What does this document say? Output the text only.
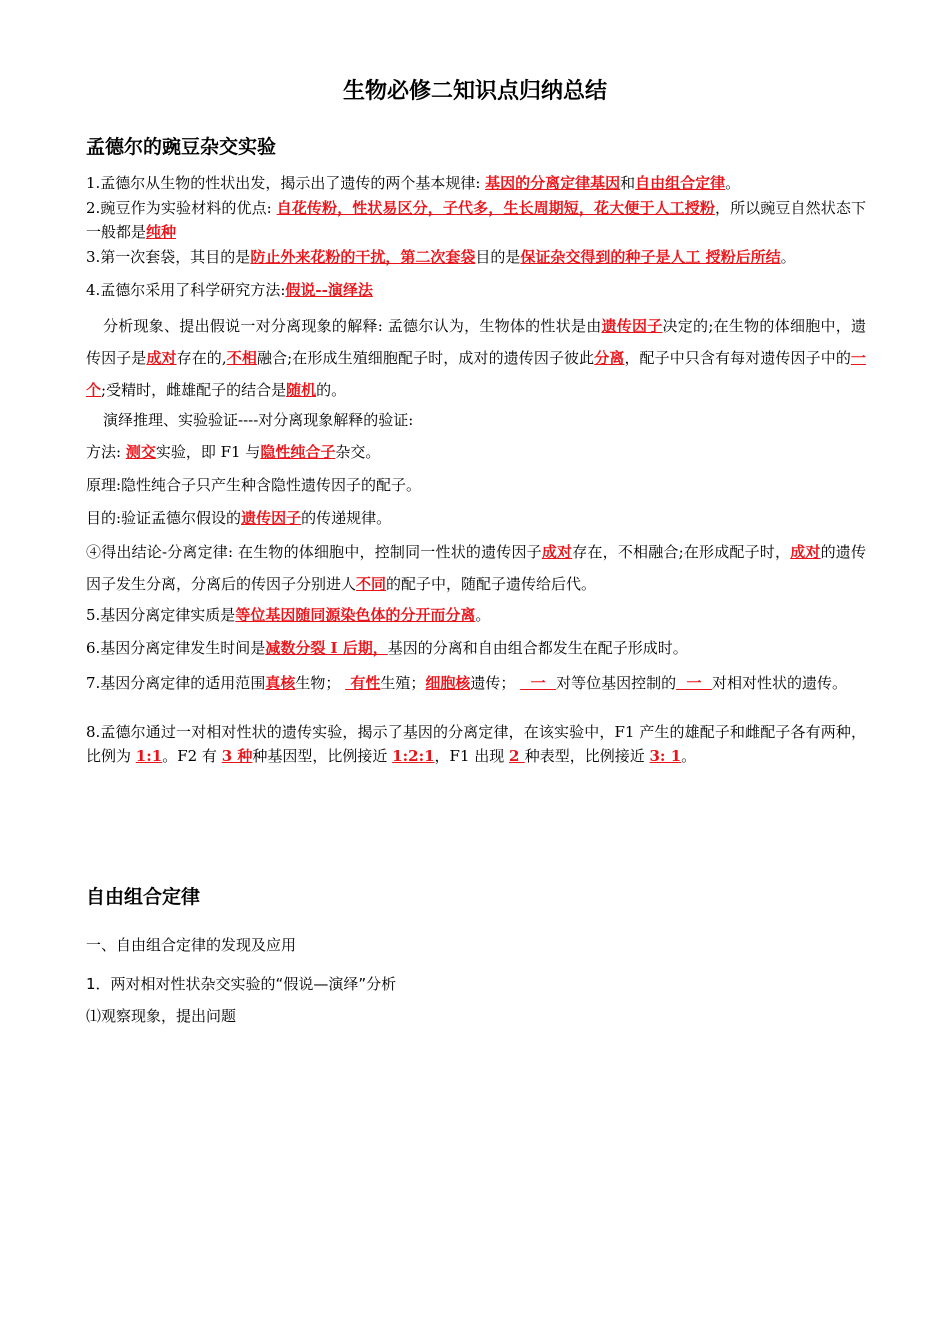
生物必修二知识点归纳总结
孟德尔的豌豆杂交实验

1.孟德尔从生物的性状出发，揭示出了遗传的两个基本规律: 基因的分离定律基因和自由组合定律。

2.豌豆作为实验材料的优点: 自花传粉，性状易区分，子代多，生长周期短，花大便于人工授粉，所以豌豆自然状态下一般都是纯种

3.第一次套袋，其目的是防止外来花粉的干扰，第二次套袋目的是保证杂交得到的种子是人工 授粉后所结。

4.孟德尔采用了科学研究方法:假说--演绎法

分析现象、提出假说一对分离现象的解释: 孟德尔认为，生物体的性状是由遗传因子决定的;在生物的体细胞中，遗传因子是成对存在的,不相融合;在形成生殖细胞配子时，成对的遗传因子彼此分离，配子中只含有每对遗传因子中的一个;受精时，雌雄配子的结合是随机的。

演绎推理、实验验证----对分离现象解释的验证:

方法: 测交实验，即 F1 与隐性纯合子杂交。

原理:隐性纯合子只产生种含隐性遗传因子的配子。

目的:验证孟德尔假设的遗传因子的传递规律。

④得出结论-分离定律: 在生物的体细胞中，控制同一性状的遗传因子成对存在，不相融合;在形成配子时，成对的遗传因子发生分离，分离后的传因子分别进人不同的配子中，随配子遗传给后代。

5.基因分离定律实质是等位基因随同源染色体的分开而分离。

6.基因分离定律发生时间是减数分裂 I 后期，基因的分离和自由组合都发生在配子形成时。

7.基因分离定律的适用范围真核生物；  有性生殖；细胞核遗传；   一  对等位基因控制的  一  对相对性状的遗传。

8.孟德尔通过一对相对性状的遗传实验，揭示了基因的分离定律，在该实验中，F1 产生的雄配子和雌配子各有两种，比例为 1:1。F2 有 3 种种基因型，比例接近 1:2:1，F1 出现 2 种表型，比例接近 3: 1。

自由组合定律

一、自由组合定律的发现及应用

1．两对相对性状杂交实验的“假说—演绎”分析

⑴观察现象，提出问题
